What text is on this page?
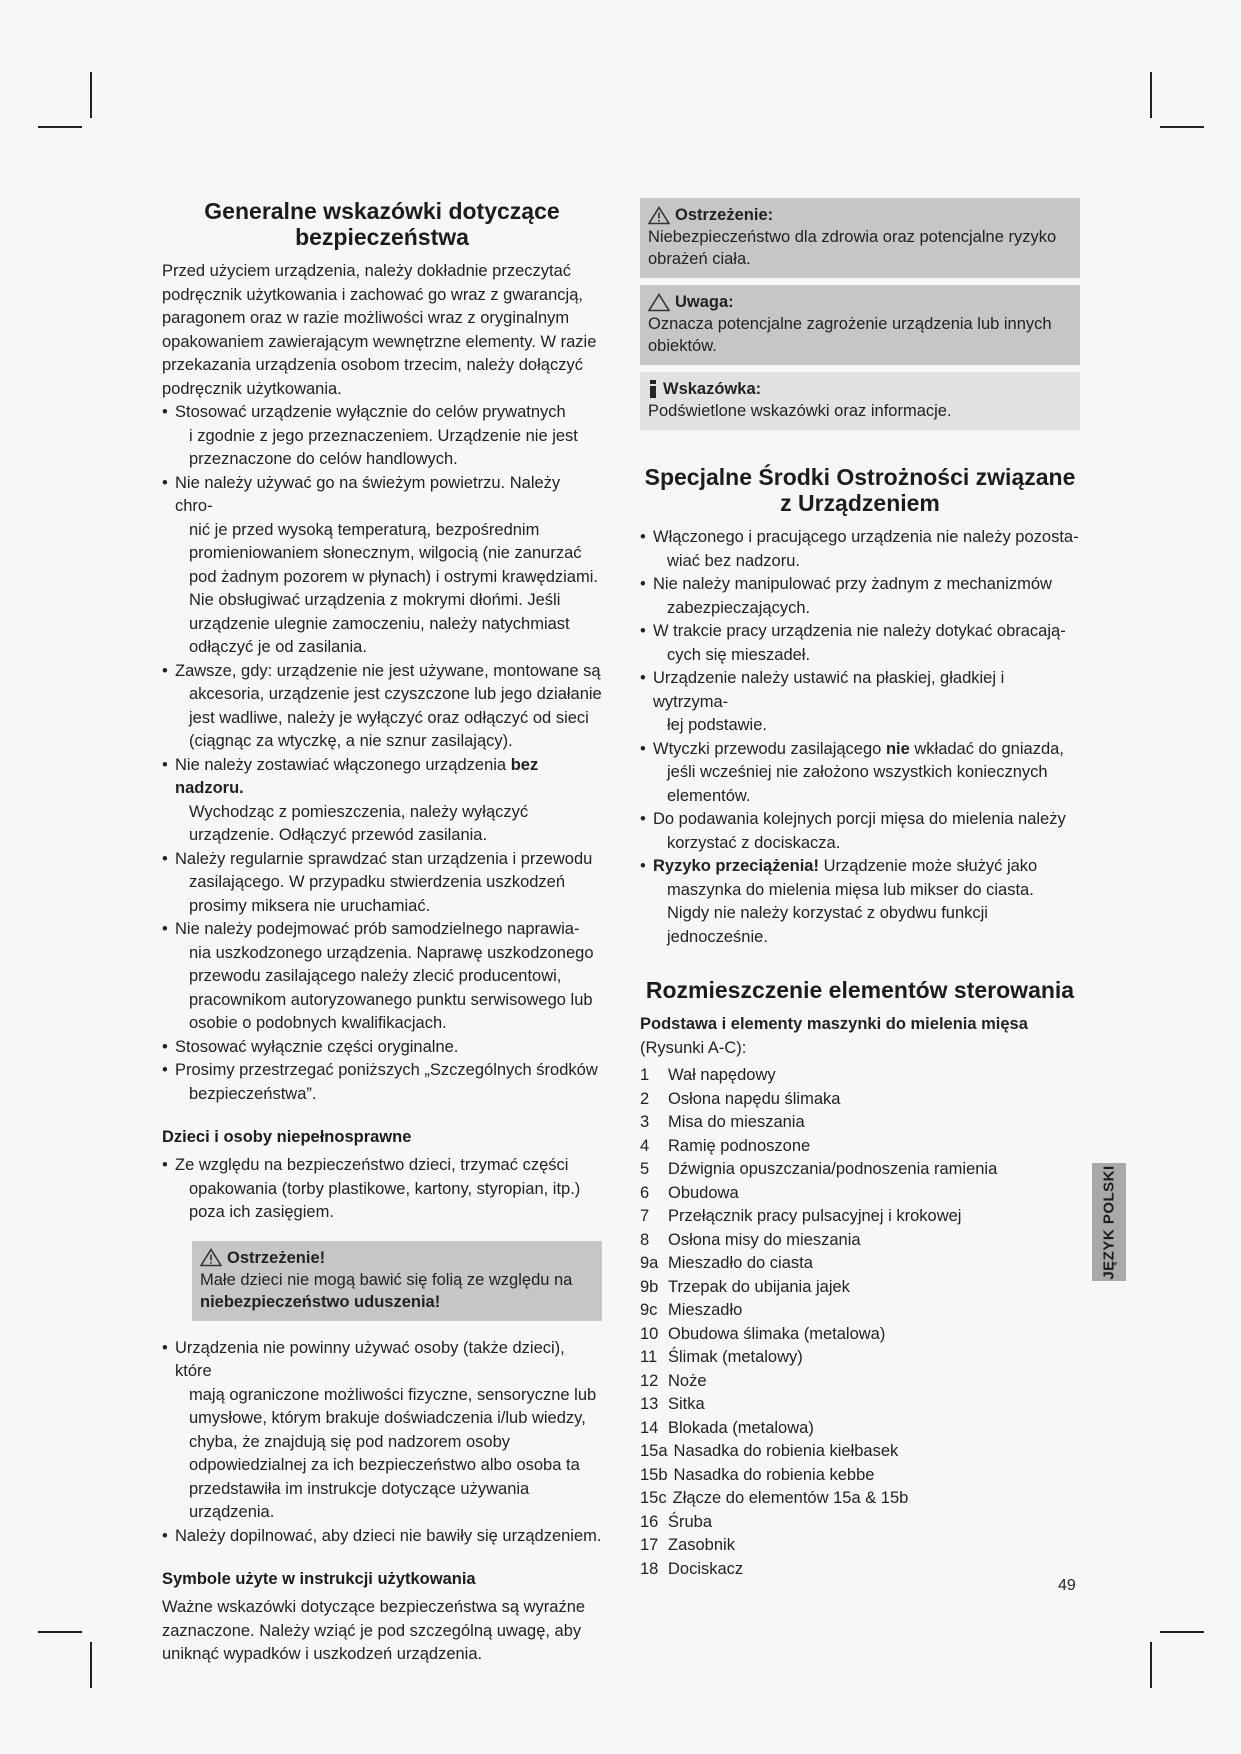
Generalne wskazówki dotyczące bezpieczeństwa

Przed użyciem urządzenia, należy dokładnie przeczytać podręcznik użytkowania i zachować go wraz z gwarancją, paragonem oraz w razie możliwości wraz z oryginalnym opakowaniem zawierającym wewnętrzne elementy. W razie przekazania urządzenia osobom trzecim, należy dołączyć podręcznik użytkowania.

• Stosować urządzenie wyłącznie do celów prywatnych
i zgodnie z jego przeznaczeniem. Urządzenie nie jest przeznaczone do celów handlowych.
• Nie należy używać go na świeżym powietrzu. Należy chro-
nić je przed wysoką temperaturą, bezpośrednim promieniowaniem słonecznym, wilgocią (nie zanurzać pod żadnym pozorem w płynach) i ostrymi krawędziami. Nie obsługiwać urządzenia z mokrymi dłońmi. Jeśli urządzenie ulegnie zamoczeniu, należy natychmiast odłączyć je od zasilania.
• Zawsze, gdy: urządzenie nie jest używane, montowane są
akcesoria, urządzenie jest czyszczone lub jego działanie jest wadliwe, należy je wyłączyć oraz odłączyć od sieci (ciągnąc za wtyczkę, a nie sznur zasilający).
• Nie należy zostawiać włączonego urządzenia bez nadzoru.
Wychodząc z pomieszczenia, należy wyłączyć urządzenie. Odłączyć przewód zasilania.
• Należy regularnie sprawdzać stan urządzenia i przewodu
zasilającego. W przypadku stwierdzenia uszkodzeń prosimy miksera nie uruchamiać.
• Nie należy podejmować prób samodzielnego naprawia-
nia uszkodzonego urządzenia. Naprawę uszkodzonego przewodu zasilającego należy zlecić producentowi, pracownikom autoryzowanego punktu serwisowego lub osobie o podobnych kwalifikacjach.
• Stosować wyłącznie części oryginalne.
• Prosimy przestrzegać poniższych „Szczególnych środków
bezpieczeństwa”.
Dzieci i osoby niepełnosprawne
• Ze względu na bezpieczeństwo dzieci, trzymać części
opakowania (torby plastikowe, kartony, styropian, itp.) poza ich zasięgiem.
Ostrzeżenie!
Małe dzieci nie mogą bawić się folią ze względu na niebezpieczeństwo uduszenia!
• Urządzenia nie powinny używać osoby (także dzieci), które
mają ograniczone możliwości fizyczne, sensoryczne lub umysłowe, którym brakuje doświadczenia i/lub wiedzy, chyba, że znajdują się pod nadzorem osoby odpowiedzialnej za ich bezpieczeństwo albo osoba ta przedstawiła im instrukcje dotyczące używania urządzenia.
• Należy dopilnować, aby dzieci nie bawiły się urządzeniem.
Symbole użyte w instrukcji użytkowania

Ważne wskazówki dotyczące bezpieczeństwa są wyraźne zaznaczone. Należy wziąć je pod szczególną uwagę, aby uniknąć wypadków i uszkodzeń urządzenia.

Ostrzeżenie:
Niebezpieczeństwo dla zdrowia oraz potencjalne ryzyko obrażeń ciała.
Uwaga:
Oznacza potencjalne zagrożenie urządzenia lub innych obiektów.
Wskazówka:
Podświetlone wskazówki oraz informacje.
Specjalne Środki Ostrożności związane z Urządzeniem
• Włączonego i pracującego urządzenia nie należy pozosta-
wiać bez nadzoru.
• Nie należy manipulować przy żadnym z mechanizmów
zabezpieczających.
• W trakcie pracy urządzenia nie należy dotykać obracają-
cych się mieszadeł.
• Urządzenie należy ustawić na płaskiej, gładkiej i wytrzyma-
łej podstawie.
• Wtyczki przewodu zasilającego nie wkładać do gniazda,
jeśli wcześniej nie założono wszystkich koniecznych elementów.
• Do podawania kolejnych porcji mięsa do mielenia należy
korzystać z dociskacza.
• Ryzyko przeciążenia! Urządzenie może służyć jako
maszynka do mielenia mięsa lub mikser do ciasta. Nigdy nie należy korzystać z obydwu funkcji jednocześnie.
Rozmieszczenie elementów sterowania

Podstawa i elementy maszynki do mielenia mięsa (Rysunki A-C):

1	Wał napędowy
2	Osłona napędu ślimaka
3	Misa do mieszania
4	Ramię podnoszone
5	Dźwignia opuszczania/podnoszenia ramienia
6	Obudowa
7	Przełącznik pracy pulsacyjnej i krokowej
8	Osłona misy do mieszania
9a Mieszadło do ciasta
9b Trzepak do ubijania jajek
9c Mieszadło
10 Obudowa ślimaka (metalowa)
11 Ślimak (metalowy)
12 Noże
13 Sitka
14 Blokada (metalowa)
15a Nasadka do robienia kiełbasek
15b Nasadka do robienia kebbe
15c Złącze do elementów 15a & 15b
16 Śruba
17 Zasobnik
18 Dociskacz
JĘZYK POLSKI
49
